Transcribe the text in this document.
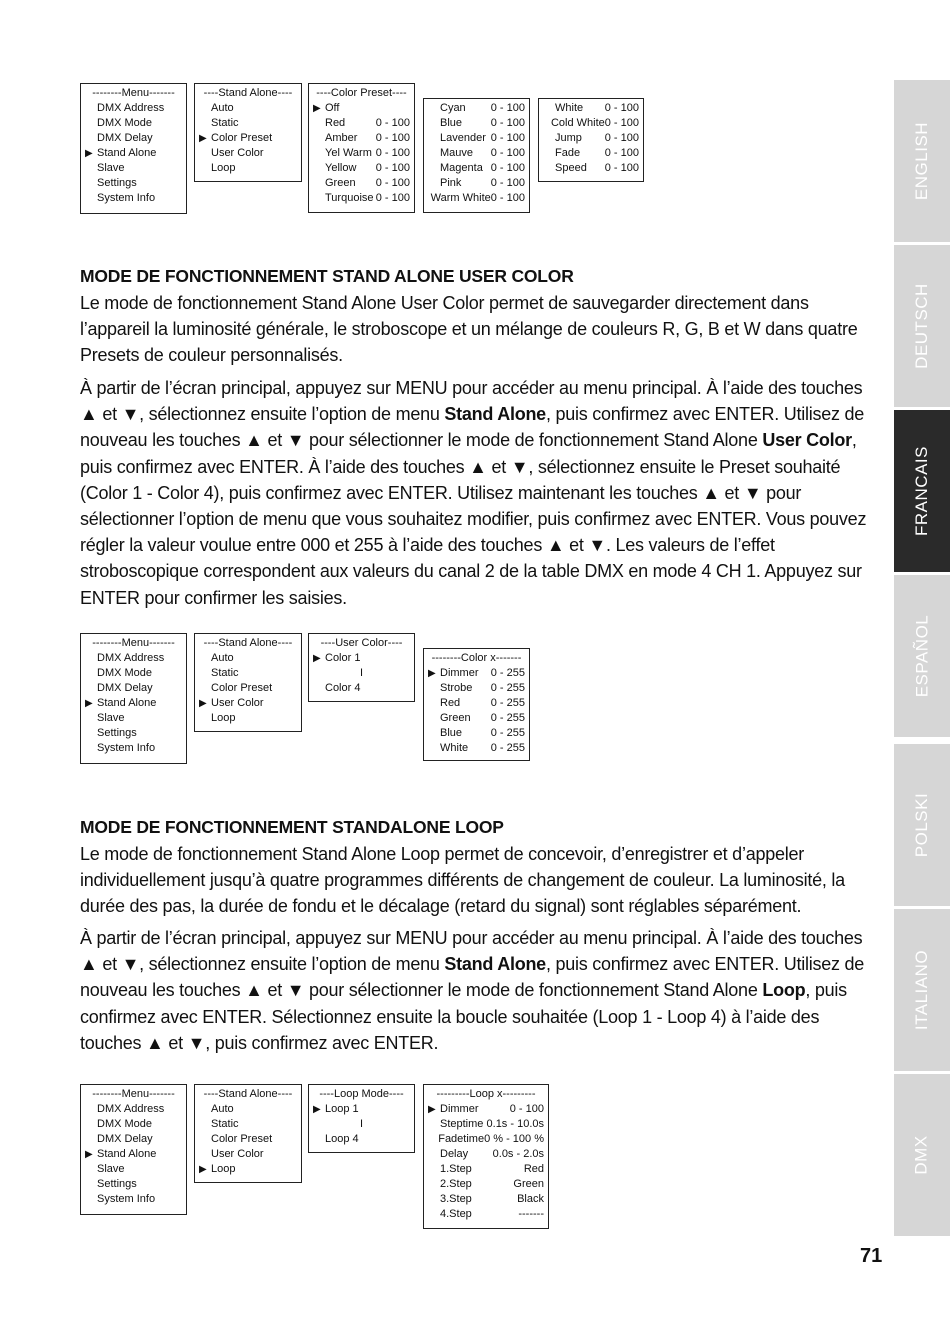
--------Menu-------
DMX Address
DMX Mode
DMX Delay
▶ Stand Alone
Slave
Settings
System Info
----Stand Alone----
Auto
Static
▶ Color Preset
User Color
Loop
----Color Preset----
▶ Off
Red	0 - 100
Amber 0 - 100
Yel Warm 0 - 100
Yellow 0 - 100
Green 0 - 100
Turquoise 0 - 100
Cyan 0 - 100
Blue	0 - 100
Lavender 0 - 100
Mauve 0 - 100
Magenta 0 - 100
Pink	0 - 100
Warm White 0 - 100
White 0 - 100
Cold White 0 - 100
Jump 0 - 100
Fade 0 - 100
Speed 0 - 100
MODE DE FONCTIONNEMENT STAND ALONE USER COLOR

Le mode de fonctionnement Stand Alone User Color permet de sauvegarder directement dans l’appareil la luminosité générale, le stroboscope et un mélange de couleurs R, G, B et W dans quatre Presets de couleur personnalisés.

À partir de l’écran principal, appuyez sur MENU pour accéder au menu principal. À l’aide des touches ▲ et ▼, sélectionnez ensuite l’option de menu Stand Alone, puis confirmez avec ENTER. Utilisez de nouveau les touches ▲ et ▼ pour sélectionner le mode de fonctionnement Stand Alone User Color, puis confirmez avec ENTER. À l’aide des touches ▲ et ▼, sélectionnez ensuite le Preset souhaité (Color 1 - Color 4), puis confirmez avec ENTER. Utilisez maintenant les touches ▲ et ▼ pour sélectionner l’option de menu que vous souhaitez modifier, puis confirmez avec ENTER. Vous pouvez régler la valeur voulue entre 000 et 255 à l’aide des touches ▲ et ▼. Les valeurs de l’effet stroboscopique correspondent aux valeurs du canal 2 de la table DMX en mode 4 CH 1. Appuyez sur ENTER pour confirmer les saisies.

--------Menu-------
DMX Address
DMX Mode
DMX Delay
▶ Stand Alone
Slave
Settings
System Info
----Stand Alone----
Auto
Static
Color Preset
▶ User Color
Loop
----User Color----
▶ Color 1
I
Color 4
--------Color x-------
▶ Dimmer 0 - 255
Strobe 0 - 255
Red	0 - 255
Green 0 - 255
Blue	0 - 255
White 0 - 255
MODE DE FONCTIONNEMENT STANDALONE LOOP

Le mode de fonctionnement Stand Alone Loop permet de concevoir, d’enregistrer et d’appeler individuellement jusqu’à quatre programmes différents de changement de couleur. La luminosité, la durée des pas, la durée de fondu et le décalage (retard du signal) sont réglables séparément.

À partir de l’écran principal, appuyez sur MENU pour accéder au menu principal. À l’aide des touches ▲ et ▼, sélectionnez ensuite l’option de menu Stand Alone, puis confirmez avec ENTER. Utilisez de nouveau les touches ▲ et ▼ pour sélectionner le mode de fonctionnement Stand Alone Loop, puis confirmez avec ENTER. Sélectionnez ensuite la boucle souhaitée (Loop 1 - Loop 4) à l’aide des touches ▲ et ▼, puis confirmez avec ENTER.

--------Menu-------
DMX Address
DMX Mode
DMX Delay
▶ Stand Alone
Slave
Settings
System Info
----Stand Alone----
Auto
Static
Color Preset
User Color
▶ Loop
----Loop Mode----
▶ Loop 1
I
Loop 4
---------Loop x---------
▶ Dimmer	0 - 100
Steptime 0.1s - 10.0s
Fadetime 0 % - 100 %
Delay 0.0s - 2.0s
1.Step	Red
2.Step	Green
3.Step	Black
4.Step	-------
ENGLISH
DEUTSCH
FRANCAIS
ESPAÑOL
POLSKI
ITALIANO
DMX
71
